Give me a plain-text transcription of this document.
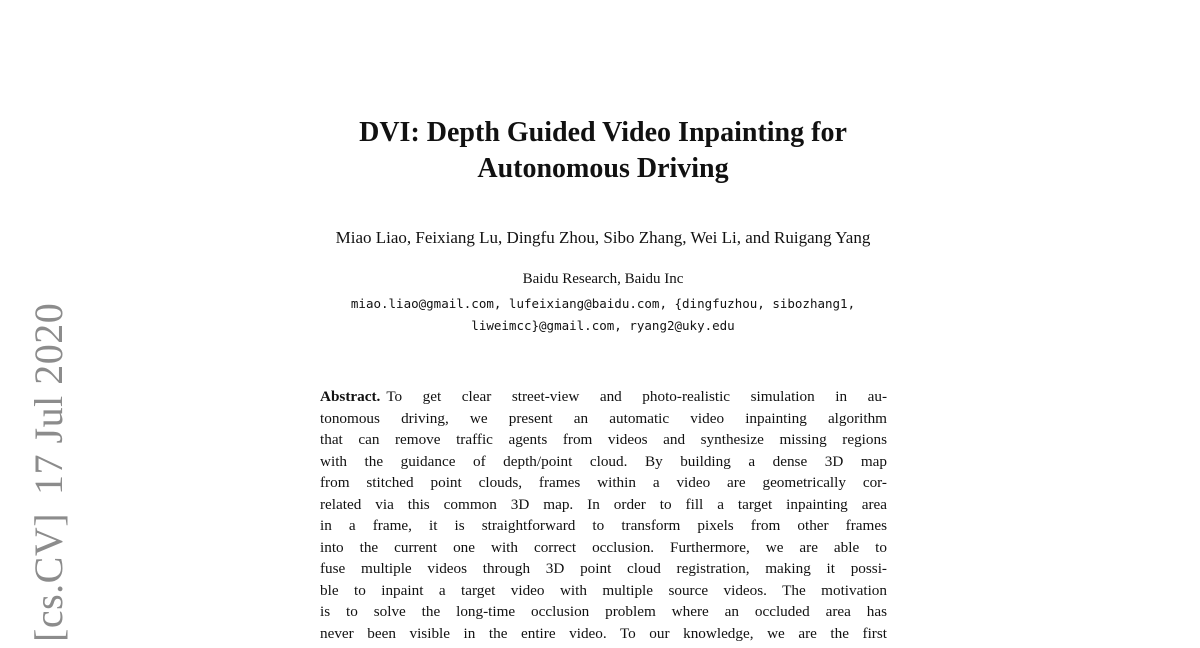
[cs.CV]
17 Jul 2020
DVI: Depth Guided Video Inpainting for
Autonomous Driving
Miao Liao, Feixiang Lu, Dingfu Zhou, Sibo Zhang, Wei Li, and Ruigang Yang
Baidu Research, Baidu Inc
miao.liao@gmail.com, lufeixiang@baidu.com, {dingfuzhou, sibozhang1,
liweimcc}@gmail.com, ryang2@uky.edu
Abstract. To get clear street-view and photo-realistic simulation in au-
tonomous driving, we present an automatic video inpainting algorithm
that can remove traffic agents from videos and synthesize missing regions
with the guidance of depth/point cloud. By building a dense 3D map
from stitched point clouds, frames within a video are geometrically cor-
related via this common 3D map. In order to fill a target inpainting area
in a frame, it is straightforward to transform pixels from other frames
into the current one with correct occlusion. Furthermore, we are able to
fuse multiple videos through 3D point cloud registration, making it possi-
ble to inpaint a target video with multiple source videos. The motivation
is to solve the long-time occlusion problem where an occluded area has
never been visible in the entire video. To our knowledge, we are the first
